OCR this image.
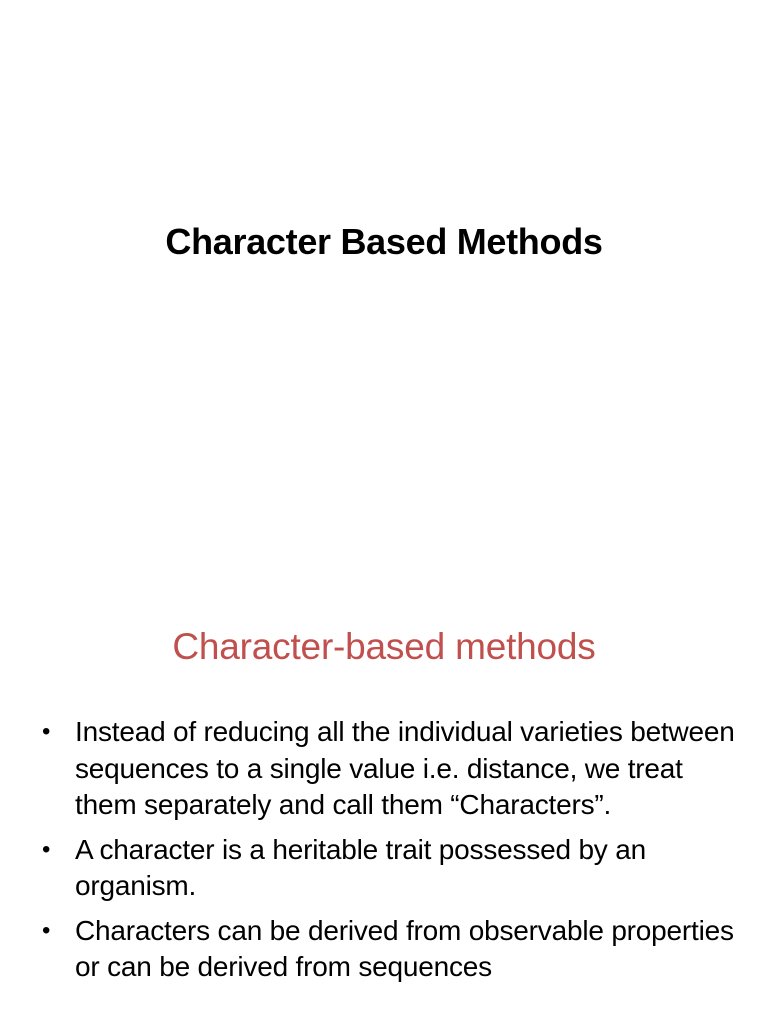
Character Based Methods
Character-based methods
• Instead of reducing all the individual varieties between sequences to a single value i.e. distance, we treat them separately and call them “Characters”.
• A character is a heritable trait possessed by an organism.
• Characters can be derived from observable properties or can be derived from sequences
